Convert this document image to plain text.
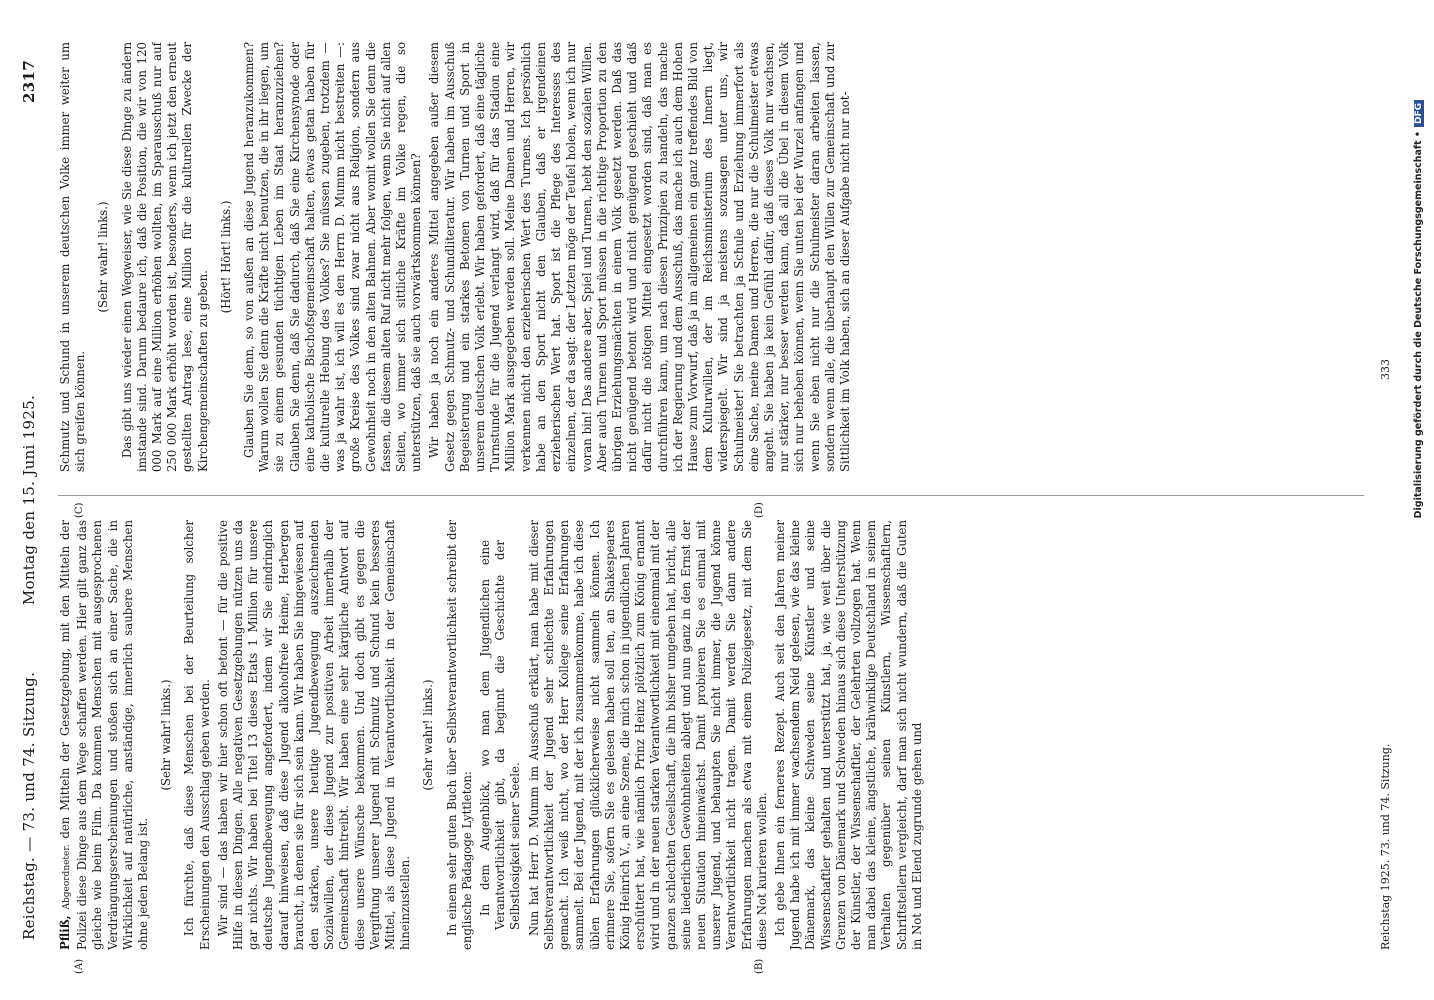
Reichstag. — 73. und 74. Sitzung.
Montag den 15. Juni 1925.
2317
(A)	(B)
(C)	(D)

Pfliß, Abgeordneter. den Mitteln der Gesetzgebung, mit den Mitteln der Polizei diese Dinge aus dem Wege schaffen werden. Hier gilt ganz das gleiche wie beim Film. Da kommen Menschen mit ausgesprochenen Verdrängungserscheinungen und stoßen sich an einer Sache, die in Wirklichkeit auf natürliche, anständige, innerlich saubere Menschen ohne jeden Belang ist.

(Sehr wahr! links.) Ich fürchte, daß diese Menschen bei der Beurteilung solcher Erscheinungen den Ausschlag geben werden. Wir sind — das haben wir hier schon oft betont — für die positive Hilfe in diesen Dingen. Alle negativen Gesetzgebungen nützen uns da gar nichts. Wir haben bei Titel 13 dieses Etats 1 Million für unsere deutsche Jugendbewegung angefordert, indem wir Sie eindringlich darauf hinweisen, daß diese Jugend alkoholfreie Heime, Herbergen braucht, in denen sie für sich sein kann. Wir haben Sie hingewiesen auf den starken, unsere heutige Jugendbewegung auszeichnenden Sozialwillen, der diese Jugend zur positiven Arbeit innerhalb der Gemeinschaft hintreibt. Wir haben eine sehr kärgliche Antwort auf diese unsere Wünsche bekommen. Und doch gibt es gegen die Vergiftung unserer Jugend mit Schmutz und Schund kein besseres Mittel, als diese Jugend in Verantwortlichkeit in der Gemeinschaft hineinzustellen.

(Sehr wahr! links.) In einem sehr guten Buch über Selbstverantwortlichkeit schreibt der englische Pädagoge Lyttleton: In dem Augenblick, wo man dem Jugendlichen eine Verantwortlichkeit gibt, da beginnt die Geschichte der Selbstlosigkeit seiner Seele. Nun hat Herr D. Mumm im Ausschuß erklärt, man habe mit dieser Selbstverantwortlichkeit der Jugend sehr schlechte Erfahrungen gemacht. Ich weiß nicht, wo der Herr Kollege seine Erfahrungen sammelt. Bei der Jugend, mit der ich zusammenkomme, habe ich diese üblen Erfahrungen glücklicherweise nicht sammeln können. Ich erinnere Sie, sofern Sie es gelesen haben soll ten, an Shakespeares König Heinrich V., an eine Szene, die mich schon in jugendlichen Jahren erschüttert hat, wie nämlich Prinz Heinz plötzlich zum König ernannt wird und in der neuen starken Verantwortlichkeit mit einemmal mit der ganzen schlechten Gesellschaft, die ihn bisher umgeben hat, bricht, alle seine liederlichen Gewohnheiten ablegt und nun ganz in den Ernst der neuen Situation hineinwächst. Damit probieren Sie es einmal mit unserer Jugend, und behaupten Sie nicht immer, die Jugend könne Verantwortlichkeit nicht tragen. Damit werden Sie dann andere Erfahrungen machen als etwa mit einem Polizeigesetz, mit dem Sie diese Not kurieren wollen. Ich gebe Ihnen ein ferneres Rezept. Auch seit den Jahren meiner Jugend habe ich mit immer wachsendem Neid gelesen, wie das kleine Dänemark, das kleine Schweden seine Künstler und seine Wissenschaftler gehalten und unterstützt hat, ja, wie weit über die Grenzen von Dänemark und Schweden hinaus sich diese Unterstützung der Künstler, der Wissenschaftler, der Gelehrten vollzogen hat. Wenn man dabei das kleine, ängstliche, krähwinklige Deutschland in seinem Verhalten gegenüber seinen Künstlern, Wissenschaftlern, Schriftstellern vergleicht, darf man sich nicht wundern, daß die Guten in Not und Elend zugrunde gehen und

Schmutz und Schund in unserem deutschen Volke immer weiter um sich greifen können.

(Sehr wahr! links.) Das gibt uns wieder einen Wegweiser, wie Sie diese Dinge zu ändern imstande sind. Darum bedaure ich, daß die Position, die wir von 120 000 Mark auf eine Million erhöhen wollten, im Sparausschuß nur auf 250 000 Mark erhöht worden ist, besonders, wenn ich jetzt den erneut gestellten Antrag lese, eine Million für die kulturellen Zwecke der Kirchengemeinschaften zu geben.

(Hört! Hört! links.) Glauben Sie denn, so von außen an diese Jugend heranzukommen? Warum wollen Sie denn die Kräfte nicht benutzen, die in ihr liegen, um sie zu einem gesunden tüchtigen Leben im Staat heranzuziehen? Glauben Sie denn, daß Sie dadurch, daß Sie eine Kirchensynode oder eine katholische Bischofsgemeinschaft halten, etwas getan haben für die kulturelle Hebung des Volkes? Sie müssen zugeben, trotzdem — was ja wahr ist, ich will es den Herrn D. Mumm nicht bestreiten —: große Kreise des Volkes sind zwar nicht aus Religion, sondern aus Gewohnheit noch in den alten Bahnen. Aber womit wollen Sie denn die fassen, die diesem alten Ruf nicht mehr folgen, wenn Sie nicht auf allen Seiten, wo immer sich sittliche Kräfte im Volke regen, die so unterstützen, daß sie auch vorwärtskommen können? Wir haben ja noch ein anderes Mittel angegeben außer diesem Gesetz gegen Schmutz- und Schundliteratur. Wir haben im Ausschuß Begeisterung und ein starkes Betonen von Turnen und Sport in unserem deutschen Volk erlebt. Wir haben gefordert, daß eine tägliche Turnstunde für die Jugend verlangt wird, daß für das Stadion eine Million Mark ausgegeben werden soll. Meine Damen und Herren, wir verkennen nicht den erzieherischen Wert des Turnens. Ich persönlich habe an den Sport nicht den Glauben, daß er irgendeinen erzieherischen Wert hat. Sport ist die Pflege des Interesses des einzelnen, der da sagt: der Letzten möge der Teufel holen, wenn ich nur voran bin! Das andere aber, Spiel und Turnen, hebt den sozialen Willen. Aber auch Turnen und Sport müssen in die richtige Proportion zu den übrigen Erziehungsmächten in einem Volk gesetzt werden. Daß das nicht genügend betont wird und nicht genügend geschieht und daß dafür nicht die nötigen Mittel eingesetzt worden sind, daß man es durchführen kann, um nach diesen Prinzipien zu handeln, das mache ich der Regierung und dem Ausschuß, das mache ich auch dem Hohen Hause zum Vorwurf, daß ja im allgemeinen ein ganz treffendes Bild von dem Kulturwillen, der im Reichsministerium des Innern liegt, widerspiegelt. Wir sind ja meistens sozusagen unter uns, wir Schulmeister! Sie betrachten ja Schule und Erziehung immerfort als eine Sache, meine Damen und Herren, die nur die Schulmeister etwas angeht. Sie haben ja kein Gefühl dafür, daß dieses Volk nur wachsen, nur stärker, nur besser werden kann, daß all die Übel in diesem Volk sich nur beheben können, wenn Sie unten bei der Wurzel anfangen und wenn Sie eben nicht nur die Schulmeister daran arbeiten lassen, sondern wenn alle, die überhaupt den Willen zur Gemeinschaft und zur Sittlichkeit im Volk haben, sich an dieser Aufgabe nicht nur not-

Reichstag 1925. 73. und 74. Sitzung.
333 Digitalisierung gefördert durch die Deutsche Forschungsgemeinschaft •DFG
